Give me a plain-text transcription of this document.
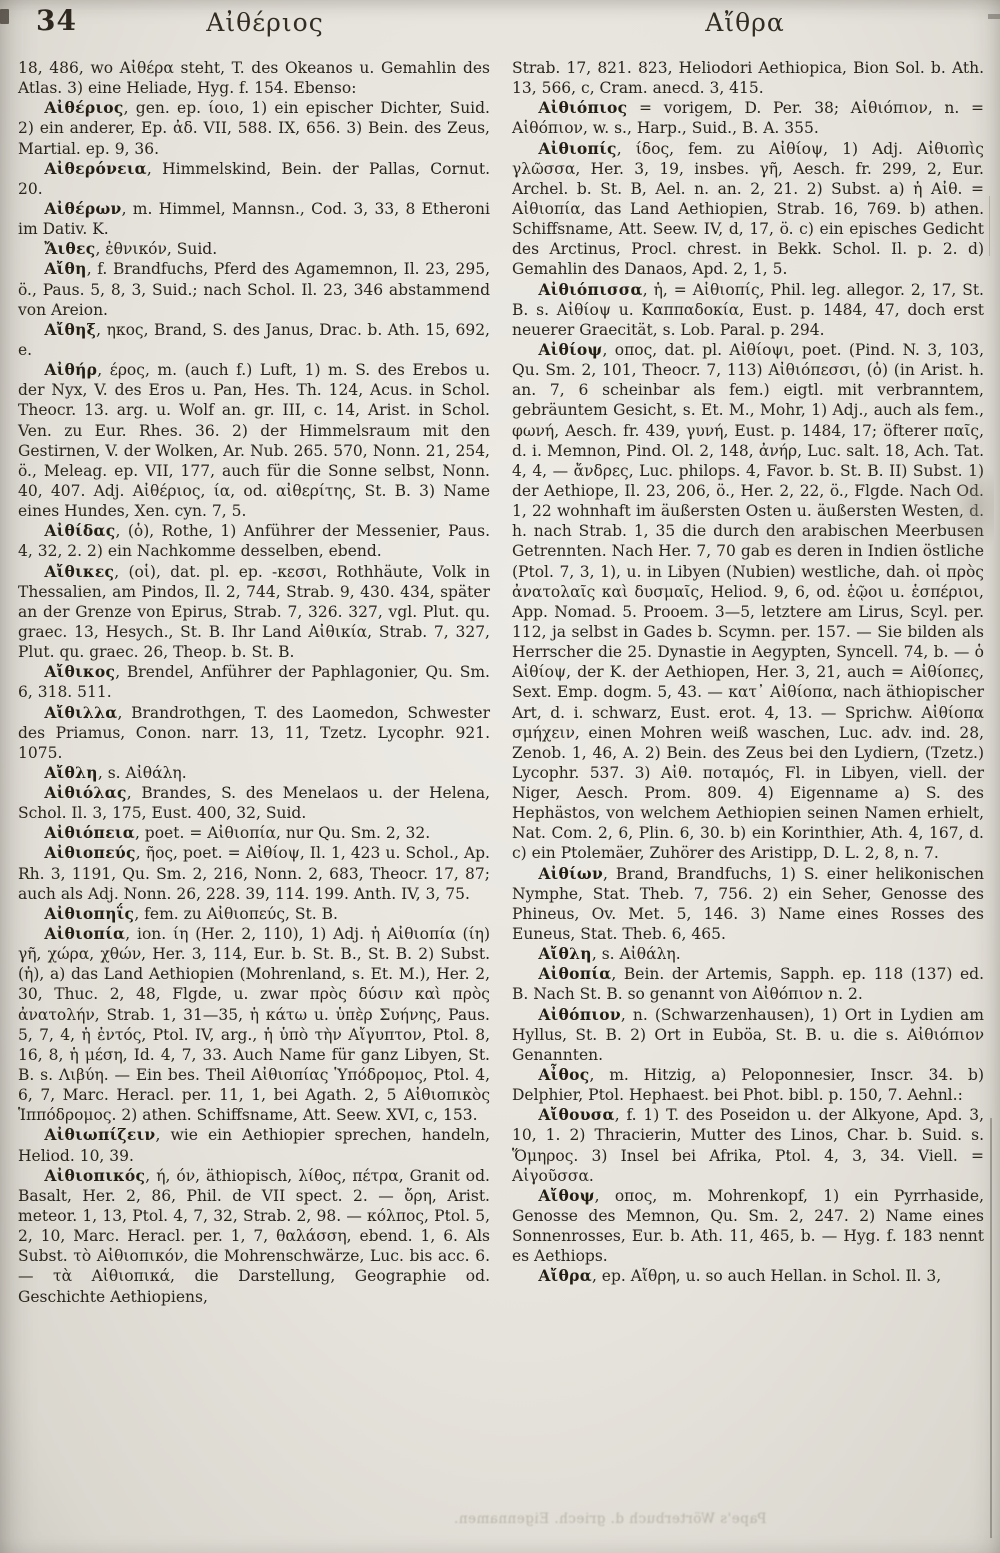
34	Αἰθέριος	Αἴθρα

18, 486, wo Αἰθέρα steht, T. des Okeanos u. Gemahlin des Atlas. 3) eine Heliade, Hyg. f. 154. Ebenso:

Αἰθέριος, gen. ep. ίοιο, 1) ein epischer Dichter, Suid. 2) ein anderer, Ep. ἀδ. VII, 588. IX, 656. 3) Bein. des Zeus, Martial. ep. 9, 36.

Αἰθερόνεια, Himmelskind, Bein. der Pallas, Cornut. 20.

Αἰθέρων, m. Himmel, Mannsn., Cod. 3, 33, 8 Etheroni im Dativ. K.

Ἄιθες, ἐθνικόν, Suid.

Αἴθη, f. Brandfuchs, Pferd des Agamemnon, Il. 23, 295, ö., Paus. 5, 8, 3, Suid.; nach Schol. Il. 23, 346 abstammend von Areion.

Αἴθηξ, ηκος, Brand, S. des Janus, Drac. b. Ath. 15, 692, e.

Αἰθήρ, έρος, m. (auch f.) Luft, 1) m. S. des Erebos u. der Nyx, V. des Eros u. Pan, Hes. Th. 124, Acus. in Schol. Theocr. 13. arg. u. Wolf an. gr. III, c. 14, Arist. in Schol. Ven. zu Eur. Rhes. 36. 2) der Himmelsraum mit den Gestirnen, V. der Wolken, Ar. Nub. 265. 570, Nonn. 21, 254, ö., Meleag. ep. VII, 177, auch für die Sonne selbst, Nonn. 40, 407. Adj. Αἰθέριος, ία, od. αἰθερίτης, St. B. 3) Name eines Hundes, Xen. cyn. 7, 5.

Αἰθίδας, (ὁ), Rothe, 1) Anführer der Messenier, Paus. 4, 32, 2. 2) ein Nachkomme desselben, ebend.

Αἴθικες, (οἱ), dat. pl. ep. -κεσσι, Rothhäute, Volk in Thessalien, am Pindos, Il. 2, 744, Strab. 9, 430. 434, später an der Grenze von Epirus, Strab. 7, 326. 327, vgl. Plut. qu. graec. 13, Hesych., St. B. Ihr Land Αἰθικία, Strab. 7, 327, Plut. qu. graec. 26, Theop. b. St. B.

Αἴθικος, Brendel, Anführer der Paphlagonier, Qu. Sm. 6, 318. 511.

Αἴθιλλα, Brandrothgen, T. des Laomedon, Schwester des Priamus, Conon. narr. 13, 11, Tzetz. Lycophr. 921. 1075.

Αἴθλη, s. Αἰθάλη.

Αἰθιόλας, Brandes, S. des Menelaos u. der Helena, Schol. Il. 3, 175, Eust. 400, 32, Suid.

Αἰθιόπεια, poet. = Αἰθιοπία, nur Qu. Sm. 2, 32.

Αἰθιοπεύς, ῆος, poet. = Αἰθίοψ, Il. 1, 423 u. Schol., Ap. Rh. 3, 1191, Qu. Sm. 2, 216, Nonn. 2, 683, Theocr. 17, 87; auch als Adj. Nonn. 26, 228. 39, 114. 199. Anth. IV, 3, 75.

Αἰθιοπηΐς, fem. zu Αἰθιοπεύς, St. B.

Αἰθιοπία, ion. ίη (Her. 2, 110), 1) Adj. ἡ Αἰθιοπία (ίη) γῆ, χώρα, χθών, Her. 3, 114, Eur. b. St. B., St. B. 2) Subst. (ἡ), a) das Land Aethiopien (Mohrenland, s. Et. M.), Her. 2, 30, Thuc. 2, 48, Flgde, u. zwar πρὸς δύσιν καὶ πρὸς ἀνατολήν, Strab. 1, 31—35, ἡ κάτω u. ὑπὲρ Συήνης, Paus. 5, 7, 4, ἡ ἐντός, Ptol. IV, arg., ἡ ὑπὸ τὴν Αἴγυπτον, Ptol. 8, 16, 8, ἡ μέση, Id. 4, 7, 33. Auch Name für ganz Libyen, St. B. s. Λιβύη. — Ein bes. Theil Αἰθιοπίας Ὑπόδρομος, Ptol. 4, 6, 7, Marc. Heracl. per. 11, 1, bei Agath. 2, 5 Αἰθιοπικὸς Ἱππόδρομος. 2) athen. Schiffsname, Att. Seew. XVI, c, 153.

Αἰθιωπίζειν, wie ein Aethiopier sprechen, handeln, Heliod. 10, 39.

Αἰθιοπικός, ή, όν, äthiopisch, λίθος, πέτρα, Granit od. Basalt, Her. 2, 86, Phil. de VII spect. 2. — ὄρη, Arist. meteor. 1, 13, Ptol. 4, 7, 32, Strab. 2, 98. — κόλπος, Ptol. 5, 2, 10, Marc. Heracl. per. 1, 7, θαλάσση, ebend. 1, 6. Als Subst. τὸ Αἰθιοπικόν, die Mohrenschwärze, Luc. bis acc. 6. — τὰ Αἰθιοπικά, die Darstellung, Geographie od. Geschichte Aethiopiens,

Strab. 17, 821. 823, Heliodori Aethiopica, Bion Sol. b. Ath. 13, 566, c, Cram. anecd. 3, 415.

Αἰθιόπιος = vorigem, D. Per. 38; Αἰθιόπιον, n. = Αἰθόπιον, w. s., Harp., Suid., B. A. 355.

Αἰθιοπίς, ίδος, fem. zu Αἰθίοψ, 1) Adj. Αἰθιοπὶς γλῶσσα, Her. 3, 19, insbes. γῆ, Aesch. fr. 299, 2, Eur. Archel. b. St. B, Ael. n. an. 2, 21. 2) Subst. a) ἡ Αἰθ. = Αἰθιοπία, das Land Aethiopien, Strab. 16, 769. b) athen. Schiffsname, Att. Seew. IV, d, 17, ö. c) ein episches Gedicht des Arctinus, Procl. chrest. in Bekk. Schol. Il. p. 2. d) Gemahlin des Danaos, Apd. 2, 1, 5.

Αἰθιόπισσα, ἡ, = Αἰθιοπίς, Phil. leg. allegor. 2, 17, St. B. s. Αἰθίοψ u. Καππαδοκία, Eust. p. 1484, 47, doch erst neuerer Graecität, s. Lob. Paral. p. 294.

Αἰθίοψ, οπος, dat. pl. Αἰθίοψι, poet. (Pind. N. 3, 103, Qu. Sm. 2, 101, Theocr. 7, 113) Αἰθιόπεσσι, (ὁ) (in Arist. h. an. 7, 6 scheinbar als fem.) eigtl. mit verbranntem, gebräuntem Gesicht, s. Et. M., Mohr, 1) Adj., auch als fem., φωνή, Aesch. fr. 439, γυνή, Eust. p. 1484, 17; öfterer παῖς, d. i. Memnon, Pind. Ol. 2, 148, ἀνήρ, Luc. salt. 18, Ach. Tat. 4, 4, — ἄνδρες, Luc. philops. 4, Favor. b. St. B. II) Subst. 1) der Aethiope, Il. 23, 206, ö., Her. 2, 22, ö., Flgde. Nach Od. 1, 22 wohnhaft im äußersten Osten u. äußersten Westen, d. h. nach Strab. 1, 35 die durch den arabischen Meerbusen Getrennten. Nach Her. 7, 70 gab es deren in Indien östliche (Ptol. 7, 3, 1), u. in Libyen (Nubien) westliche, dah. οἱ πρὸς ἀνατολαῖς καὶ δυσμαῖς, Heliod. 9, 6, od. ἑῷοι u. ἑσπέριοι, App. Nomad. 5. Prooem. 3—5, letztere am Lirus, Scyl. per. 112, ja selbst in Gades b. Scymn. per. 157. — Sie bilden als Herrscher die 25. Dynastie in Aegypten, Syncell. 74, b. — ὁ Αἰθίοψ, der K. der Aethiopen, Her. 3, 21, auch = Αἰθίοπες, Sext. Emp. dogm. 5, 43. — κατ᾽ Αἰθίοπα, nach äthiopischer Art, d. i. schwarz, Eust. erot. 4, 13. — Sprichw. Αἰθίοπα σμήχειν, einen Mohren weiß waschen, Luc. adv. ind. 28, Zenob. 1, 46, A. 2) Bein. des Zeus bei den Lydiern, (Tzetz.) Lycophr. 537. 3) Αἰθ. ποταμός, Fl. in Libyen, viell. der Niger, Aesch. Prom. 809. 4) Eigenname a) S. des Hephästos, von welchem Aethiopien seinen Namen erhielt, Nat. Com. 2, 6, Plin. 6, 30. b) ein Korinthier, Ath. 4, 167, d. c) ein Ptolemäer, Zuhörer des Aristipp, D. L. 2, 8, n. 7.

Αἰθίων, Brand, Brandfuchs, 1) S. einer helikonischen Nymphe, Stat. Theb. 7, 756. 2) ein Seher, Genosse des Phineus, Ov. Met. 5, 146. 3) Name eines Rosses des Euneus, Stat. Theb. 6, 465.

Αἴθλη, s. Αἰθάλη.

Αἰθοπία, Bein. der Artemis, Sapph. ep. 118 (137) ed. B. Nach St. B. so genannt von Αἰθόπιον n. 2.

Αἰθόπιον, n. (Schwarzenhausen), 1) Ort in Lydien am Hyllus, St. B. 2) Ort in Euböa, St. B. u. die s. Αἰθιόπιον Genannten.

Αἶθος, m. Hitzig, a) Peloponnesier, Inscr. 34. b) Delphier, Ptol. Hephaest. bei Phot. bibl. p. 150, 7. Aehnl.:

Αἴθουσα, f. 1) T. des Poseidon u. der Alkyone, Apd. 3, 10, 1. 2) Thracierin, Mutter des Linos, Char. b. Suid. s. Ὅμηρος. 3) Insel bei Afrika, Ptol. 4, 3, 34. Viell. = Αἰγοῦσσα.

Αἴθοψ, οπος, m. Mohrenkopf, 1) ein Pyrrhaside, Genosse des Memnon, Qu. Sm. 2, 247. 2) Name eines Sonnenrosses, Eur. b. Ath. 11, 465, b. — Hyg. f. 183 nennt es Aethiops.

Αἴθρα, ep. Αἴθρη, u. so auch Hellan. in Schol. Il. 3,

Pape's Wörterbuch d. griech. Eigennamen.
